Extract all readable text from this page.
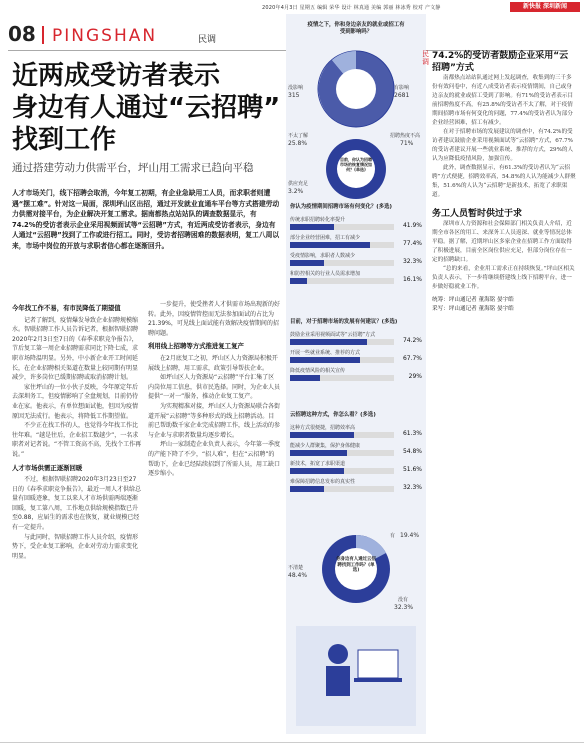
2020年4月3日 星期五 编辑 荣华 设计 林真通 美编 郭丽 林冰秀 校对 产文静	新快报 深圳新闻
08 PINGSHAN	民调
近两成受访者表示
身边有人通过“云招聘”
找到工作
通过搭建劳动力供需平台，坪山用工需求已趋向平稳
人才市场关门，线下招聘会取消，今年复工初期，有企业急缺用工人员，而求职者则遭遇“摆工难”。针对这一局面，深圳坪山区出招，通过开发就业直通车平台等方式搭建劳动力供需对接平台，为企业解决开复工需求。据南都热点站站队的调查数据显示，有74.2%的受访者表示企业采用视频面试等“云招聘”方式，有近两成受访者表示，身边有人通过“云招聘”找到了工作或进行招工。同时，受访者招聘困难的数据表明，复工八周以来，市场中岗位的开放与求职者信心都在逐渐回升。
今年找工作不易，有市民降低了期望值

记者了解到，疫情爆发导致企业招聘规模缩水。智联招聘工作人员告诉记者，根据智联招聘2020年2月3日至7日的《春季求职竞争报告》，节后复工第一周企业招聘需求同比下降七成，求职市场降温明显。另外，中小新企业开工时间延长，在企业招聘相关渠道在数量上较同期有明显减少，许多岗位已缓期招聘或取消招聘计划。

家住坪山的一位小伙子反映，今年原定年后去深圳务工，但疫情影响了全盘规划，目前仍待业在家。他表示，有单位想面试他，但因为疫情原因无法成行。他表示，将降低工作期望值。

不少正在找工作的人，也觉得今年找工作比往年难。“越是往后，企业招工数越少”，一名求职者对记者说。“不管工资高不高，先找个工作再说。”

人才市场供需正逐渐回暖

不过，根据智联招聘2020年3月23日至27日的《春季求职竞争报告》，最近一周人才供给总量有回暖迹象，复工以来人才市场供需两端逐渐回暖，复工第八周，工作地点供给规模指数已升至0.88，应届生的需求也在恢复，就业规模已经有一定提升。

与此同时，智联招聘工作人员介绍，疫情形势下，受企业复工影响，企业对劳动力需求变化明显。

一步提升，使受挫者人才供需市场出现新的好转。此外，因疫情管控而无法参加面试的占比为21.39%，可见线上面试能有效解决疫情期间的招聘问题。

利用线上招聘等方式推进复工复产

在2月底复工之初，坪山区人力资源局积极开展线上招聘，用工需求，政策引导帮扶企业。

如坪山区人力资源局“云招聘”平台汇集了区内岗位用工信息，供市民选择。同时，为企业人员提供“一对一”服务，推动企业复工复产。

为实现精准对接，坪山区人力资源局联合各街道开展“云招聘”等多种形式的线上招聘活动。目前已帮助数千家企业完成招聘工作，线上活动的参与企业与求职者数量均逐步增长。

坪山一家制造企业负责人表示，今年第一季度的产能下降了不少，“招人难”，但在“云招聘”的帮助下，企业已经陆续招到了所需人员，用工缺口逐步缩小。

疫情之下，你和身边亲友的就业或招工有受到影响吗？
没影响
315
有影响
2681
目前，你认为招聘市场的恢复情况如何？(单选)
不太了解
25.8%
招聘热度不高
71%
供应充足
3.2%
你认为疫情期间招聘市场有何变化？(多选)
传统求职招聘转化率提升
41.9%
部分企业经营困难，招工有减少
77.4%
受疫情影响，求职者人数减少
32.3%
和防控相关的行业人员需求增加
16.1%
目前，对于招聘市场的发展有何建议？(多选)
鼓励企业采用视频面试等“云招聘”方式
74.2%
开展一些就业系统、推荐的方式
67.7%
降低疫情风险的相关宣传
29%
云招聘这种方式，你怎么看？(多选)
这种方式很便捷，招聘效率高
61.3%
能减少人群聚集，保护身体健康
54.8%
新技术，拓宽了求职渠道
51.6%
难保障招聘信息发布的真实性
32.3%
你身边有人通过云招聘找到工作吗？(单选)
有 19.4%
不清楚
48.4%
没有
32.3%
民调
74.2%的受访者鼓励企业采用“云招聘”方式

南都热点站站队通过网上发起调查，收集到的三千多份有效问卷中，有近八成受访者表示疫情期间，自己或身边亲友的就业或招工受到了影响。有71%的受访者表示目前招聘热度不高，有25.8%的受访者不太了解，对于疫情期间招聘市场有何变化的问题，77.4%的受访者认为部分企业经营困难，招工有减少。

在对于招聘市场的发展建议的调查中，有74.2%的受访者建议鼓励企业采用视频面试等“云招聘”方式，67.7%的受访者建议开展一些就业系统、推荐的方式，29%的人认为应降低疫情风险，加强宣传。

此外，调查数据显示，有61.3%的受访者认为“云招聘”方式便捷，招聘效率高，54.8%的人认为能减少人群聚集，51.6%的人认为“云招聘”是新技术，拓宽了求职渠道。

务工人员暂时供过于求

深圳市人力资源和社会保障部门相关负责人介绍，近期全市各区的用工、来深务工人员返深、就业等情况总体平稳。据了解，近期坪山区多家企业在招聘工作方面取得了积极进展，目前全区岗位供应充足，但部分岗位存在一定的招聘缺口。

“总的来看，企业用工需求正在持续恢复。”坪山区相关负责人表示，下一步将继续搭建线上线下招聘平台，进一步做好稳就业工作。

统筹：坪山通记者 董海铭 晏宇皓
采写：坪山通记者 董海铭 晏宇皓
